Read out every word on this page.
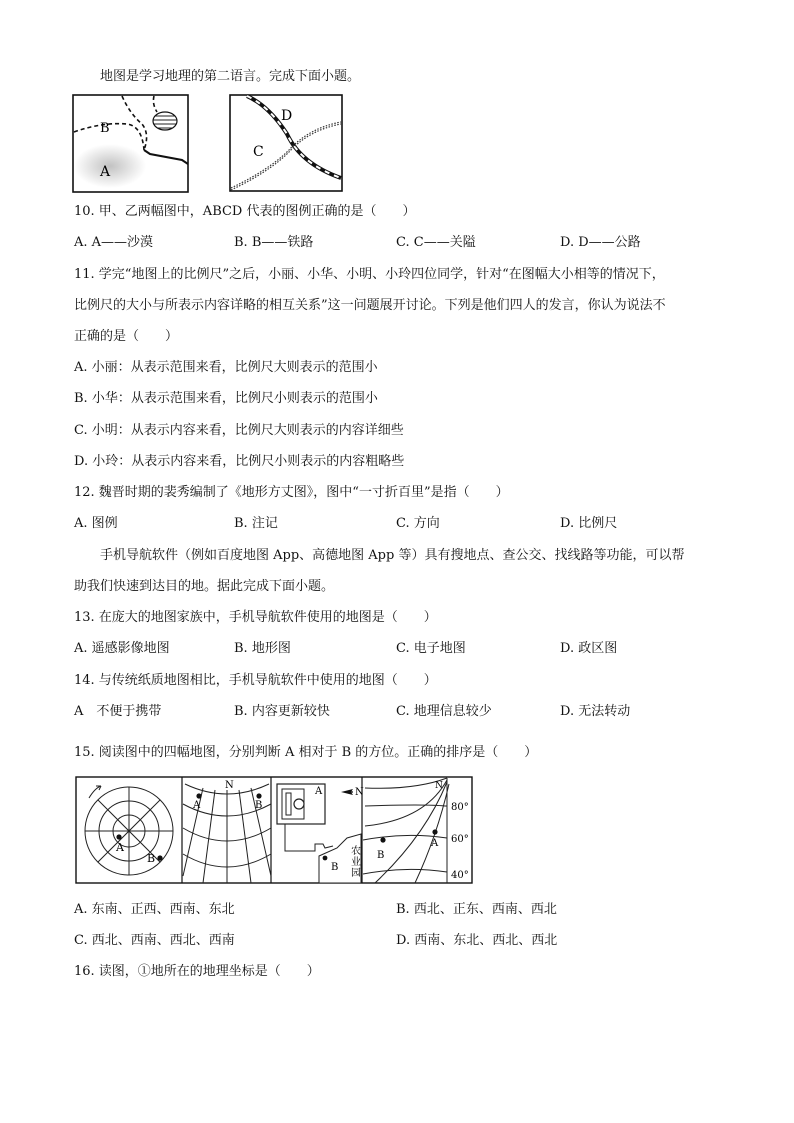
地图是学习地理的第二语言。完成下面小题。
B
A
D
C
10. 甲、乙两幅图中，ABCD 代表的图例正确的是（　　）
A. A——沙漠	B. B——铁路	C. C——关隘	D. D——公路
11. 学完“地图上的比例尺”之后，小丽、小华、小明、小玲四位同学，针对“在图幅大小相等的情况下，
比例尺的大小与所表示内容详略的相互关系”这一问题展开讨论。下列是他们四人的发言，你认为说法不
正确的是（　　）
A. 小丽：从表示范围来看，比例尺大则表示的范围小
B. 小华：从表示范围来看，比例尺小则表示的范围小
C. 小明：从表示内容来看，比例尺大则表示的内容详细些
D. 小玲：从表示内容来看，比例尺小则表示的内容粗略些
12. 魏晋时期的裴秀编制了《地形方丈图》，图中“一寸折百里”是指（　　）
A. 图例	B. 注记	C. 方向	D. 比例尺
手机导航软件（例如百度地图 App、高德地图 App 等）具有搜地点、查公交、找线路等功能，可以帮
助我们快速到达目的地。据此完成下面小题。
13. 在庞大的地图家族中，手机导航软件使用的地图是（　　）
A. 遥感影像地图	B. 地形图	C. 电子地图	D. 政区图
14. 与传统纸质地图相比，手机导航软件中使用的地图（　　）
A　不便于携带	B. 内容更新较快	C. 地理信息较少	D. 无法转动
15. 阅读图中的四幅地图，分别判断 A 相对于 B 的方位。正确的排序是（　　）
A
B
N
A	B
A	N
B
农
业
园
N
80°
60°
40°
A
B
A. 东南、正西、西南、东北	B. 西北、正东、西南、西北
C. 西北、西南、西北、西南	D. 西南、东北、西北、西北
16. 读图，①地所在的地理坐标是（　　）
